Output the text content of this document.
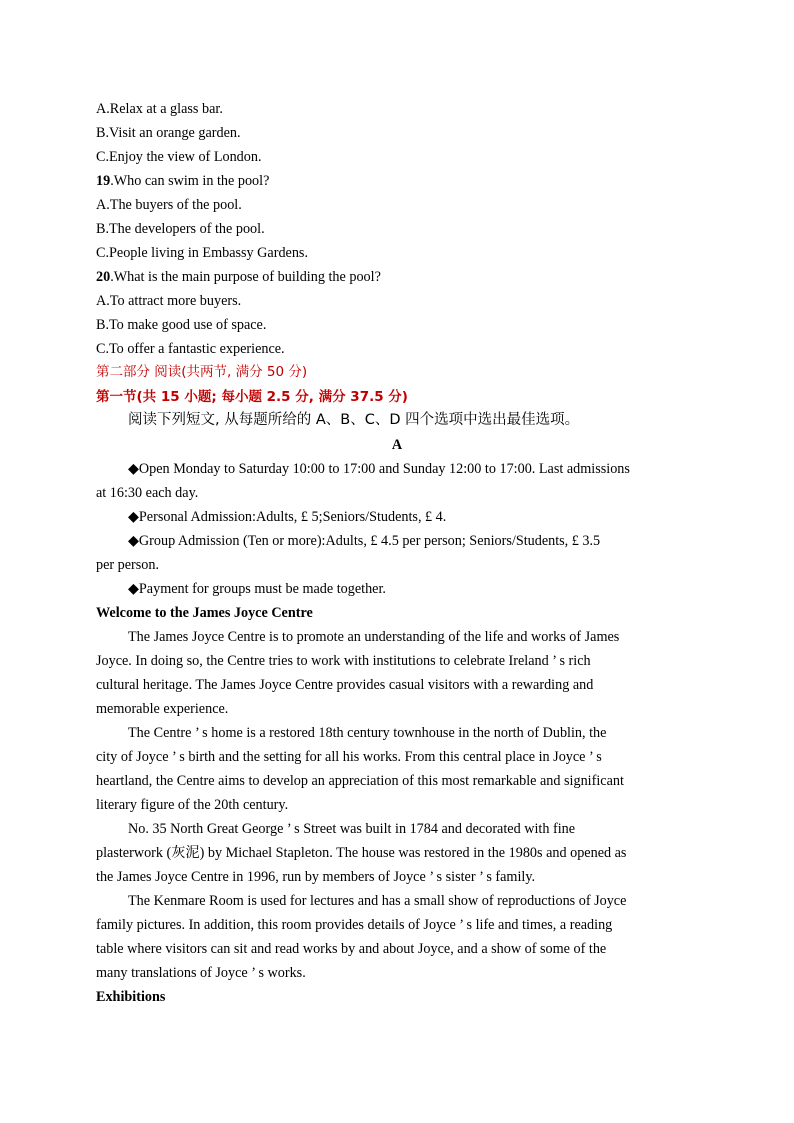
A.Relax at a glass bar.
B.Visit an orange garden.
C.Enjoy the view of London.
19.Who can swim in the pool?
A.The buyers of the pool.
B.The developers of the pool.
C.People living in Embassy Gardens.
20.What is the main purpose of building the pool?
A.To attract more buyers.
B.To make good use of space.
C.To offer a fantastic experience.
第二部分 阅读(共两节, 满分 50 分)
第一节(共 15 小题; 每小题 2.5 分, 满分 37.5 分)
阅读下列短文, 从每题所给的 A、B、C、D 四个选项中选出最佳选项。
A
◆Open Monday to Saturday 10:00 to 17:00 and Sunday 12:00 to 17:00. Last admissions
at 16:30 each day.
◆Personal Admission:Adults, £ 5;Seniors/Students, £ 4.
◆Group Admission (Ten or more):Adults, £ 4.5 per person; Seniors/Students, £ 3.5
per person.
◆Payment for groups must be made together.
Welcome to the James Joyce Centre
The James Joyce Centre is to promote an understanding of the life and works of James
Joyce. In doing so, the Centre tries to work with institutions to celebrate Ireland ’ s rich
cultural heritage. The James Joyce Centre provides casual visitors with a rewarding and
memorable experience.
The Centre ’ s home is a restored 18th century townhouse in the north of Dublin, the
city of Joyce ’ s birth and the setting for all his works. From this central place in Joyce ’ s
heartland, the Centre aims to develop an appreciation of this most remarkable and significant
literary figure of the 20th century.
No. 35 North Great George ’ s Street was built in 1784 and decorated with fine
plasterwork (灰泥) by Michael Stapleton. The house was restored in the 1980s and opened as
the James Joyce Centre in 1996, run by members of Joyce ’ s sister ’ s family.
The Kenmare Room is used for lectures and has a small show of reproductions of Joyce
family pictures. In addition, this room provides details of Joyce ’ s life and times, a reading
table where visitors can sit and read works by and about Joyce, and a show of some of the
many translations of Joyce ’ s works.
Exhibitions
